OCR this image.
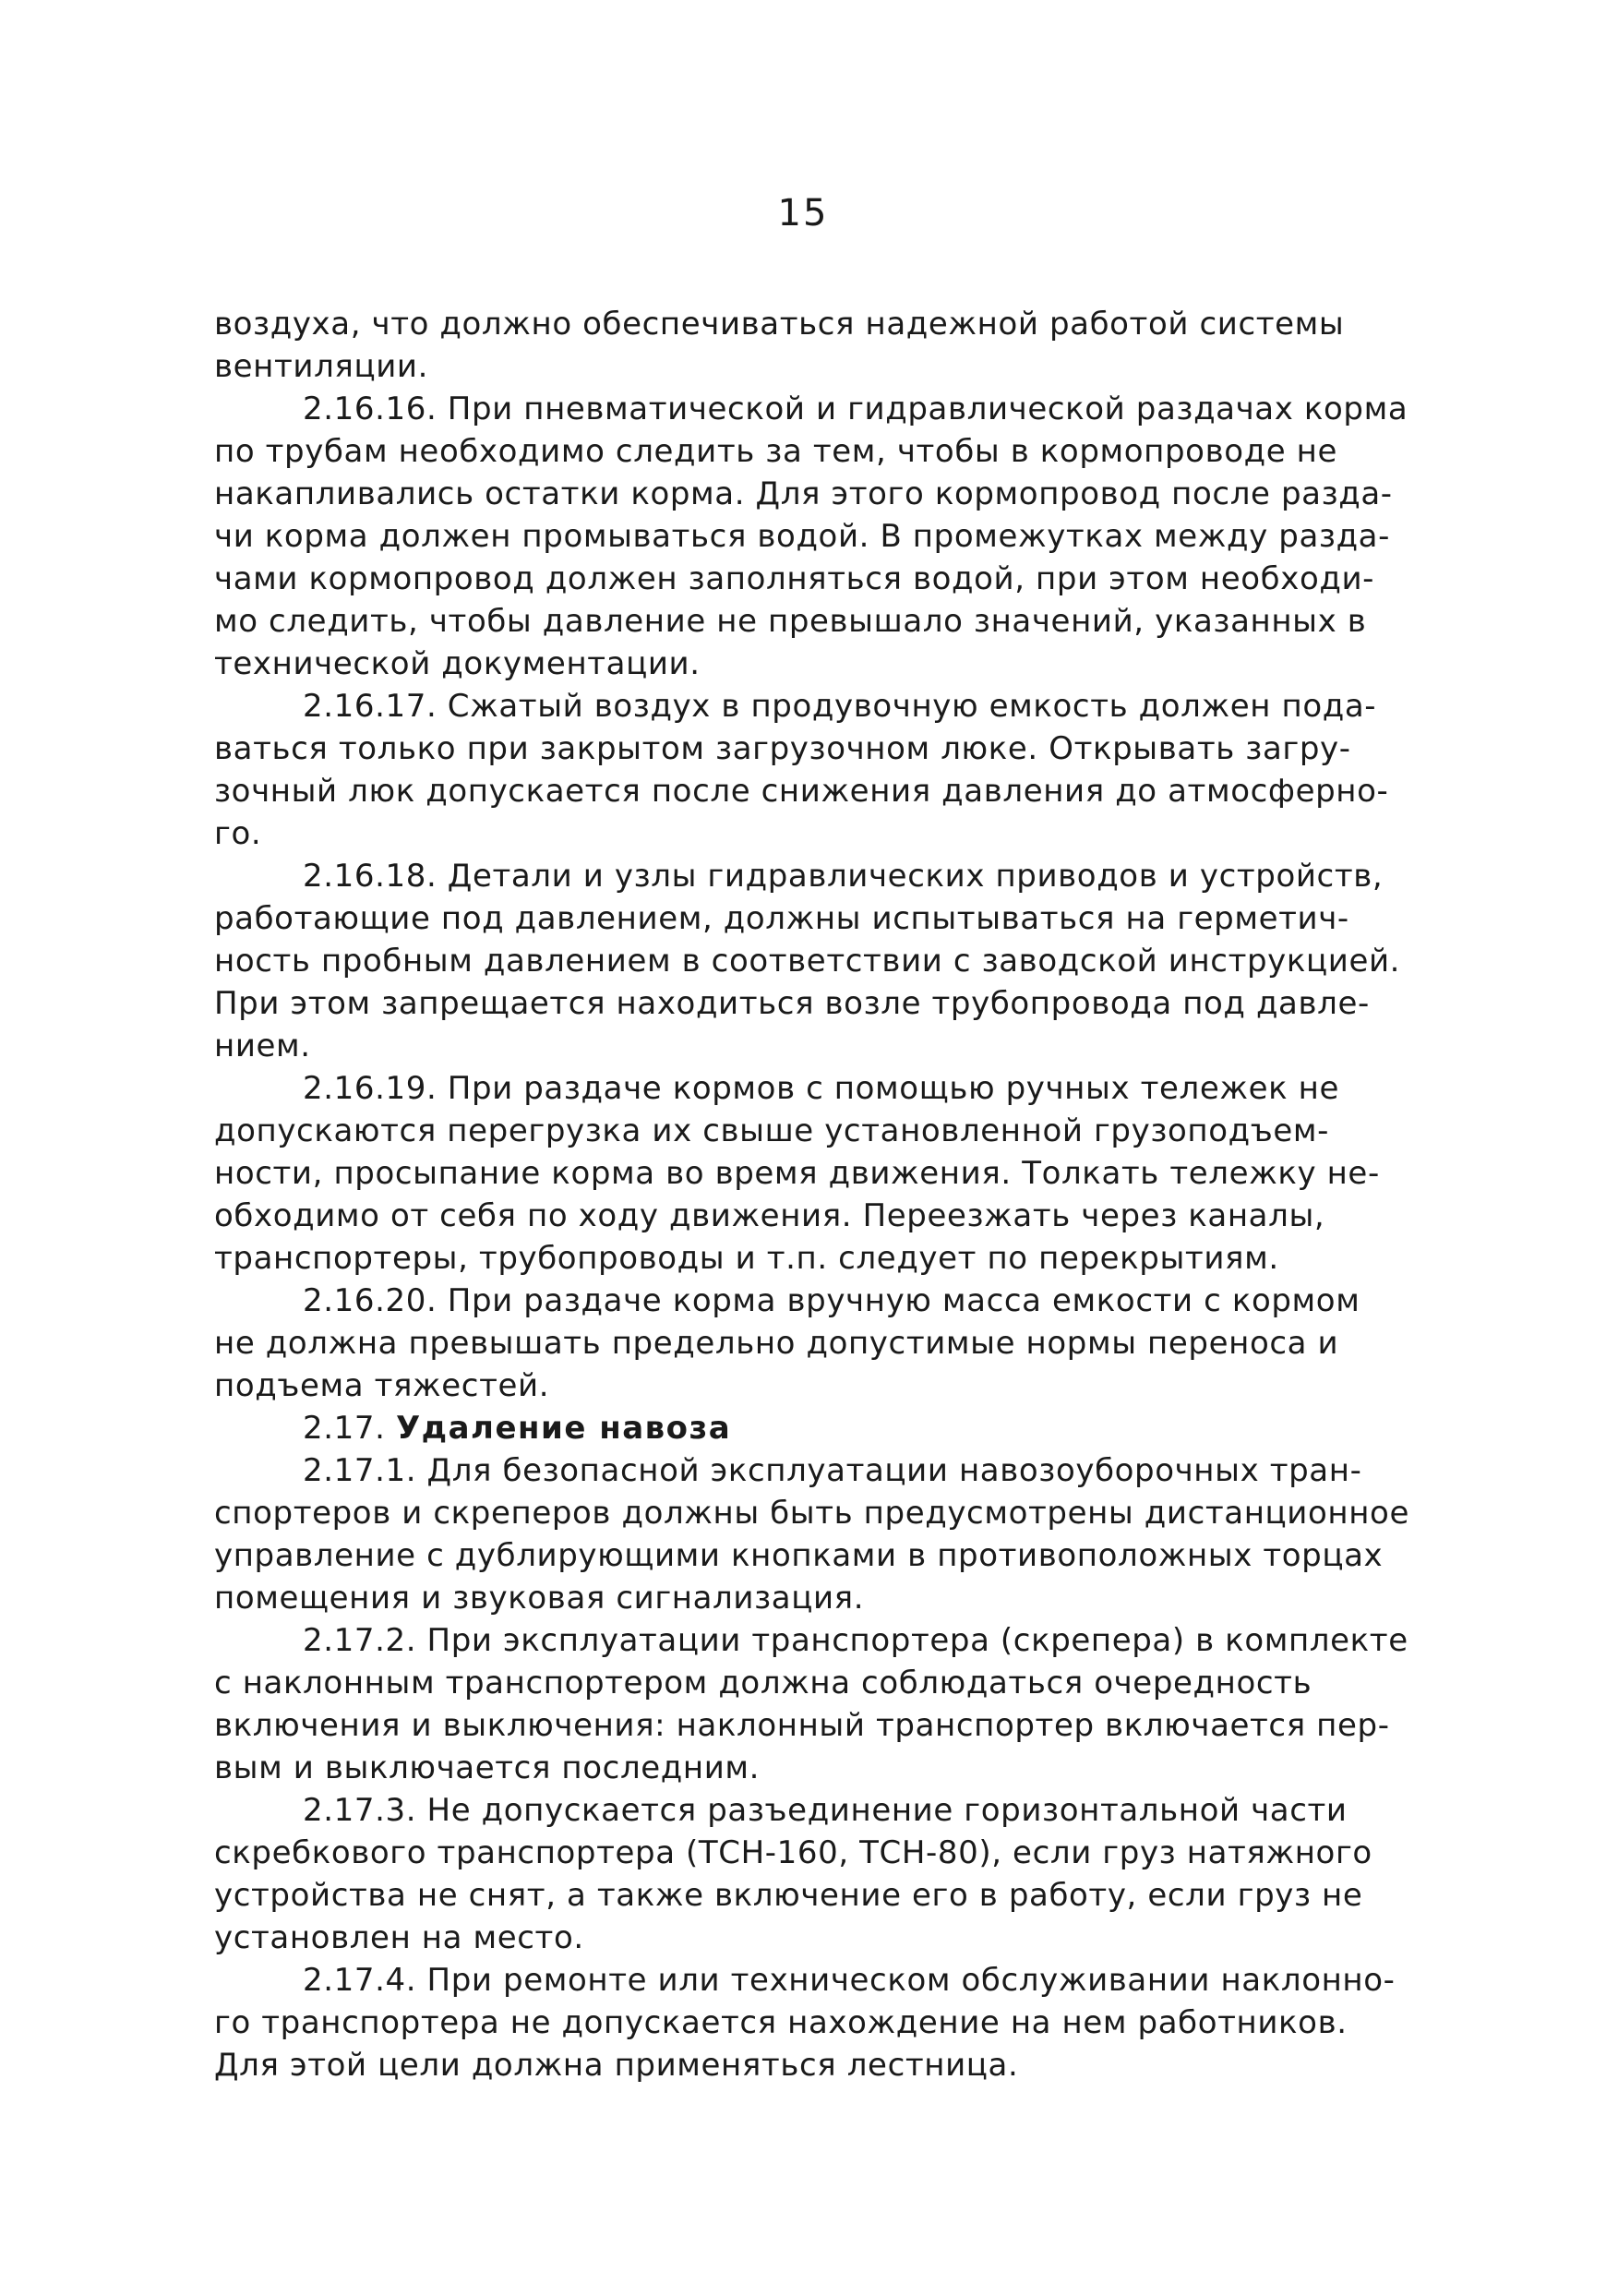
15
воздуха, что должно обеспечиваться надежной работой системы
вентиляции.
2.16.16. При пневматической и гидравлической раздачах корма
по трубам необходимо следить за тем, чтобы в кормопроводе не
накапливались остатки корма. Для этого кормопровод после разда-
чи корма должен промываться водой. В промежутках между разда-
чами кормопровод должен заполняться водой, при этом необходи-
мо следить, чтобы давление не превышало значений, указанных в
технической документации.
2.16.17. Сжатый воздух в продувочную емкость должен пода-
ваться только при закрытом загрузочном люке. Открывать загру-
зочный люк допускается после снижения давления до атмосферно-
го.
2.16.18. Детали и узлы гидравлических приводов и устройств,
работающие под давлением, должны испытываться на герметич-
ность пробным давлением в соответствии с заводской инструкцией.
При этом запрещается находиться возле трубопровода под давле-
нием.
2.16.19. При раздаче кормов с помощью ручных тележек не
допускаются перегрузка их свыше установленной грузоподъем-
ности, просыпание корма во время движения. Толкать тележку не-
обходимо от себя по ходу движения. Переезжать через каналы,
транспортеры, трубопроводы и т.п. следует по перекрытиям.
2.16.20. При раздаче корма вручную масса емкости с кормом
не должна превышать предельно допустимые нормы переноса и
подъема тяжестей.
2.17. Удаление навоза
2.17.1. Для безопасной эксплуатации навозоуборочных тран-
спортеров и скреперов должны быть предусмотрены дистанционное
управление с дублирующими кнопками в противоположных торцах
помещения и звуковая сигнализация.
2.17.2. При эксплуатации транспортера (скрепера) в комплекте
с наклонным транспортером должна соблюдаться очередность
включения и выключения: наклонный транспортер включается пер-
вым и выключается последним.
2.17.3. Не допускается разъединение горизонтальной части
скребкового транспортера (ТСН-160, ТСН-80), если груз натяжного
устройства не снят, а также включение его в работу, если груз не
установлен на место.
2.17.4. При ремонте или техническом обслуживании наклонно-
го транспортера не допускается нахождение на нем работников.
Для этой цели должна применяться лестница.
